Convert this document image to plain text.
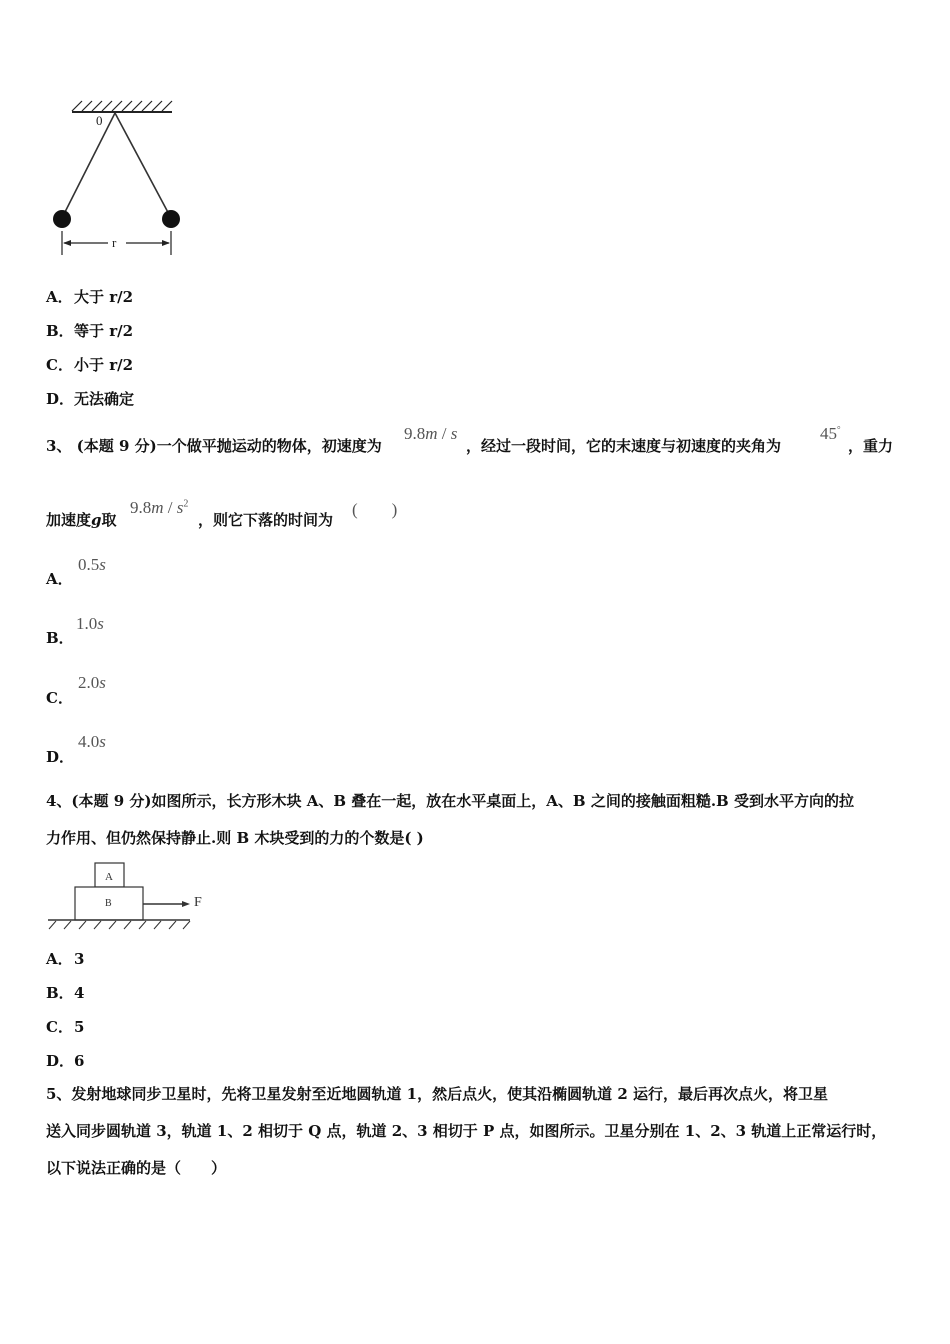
0
r
A．大于 r/2
B．等于 r/2
C．小于 r/2
D．无法确定
3、 (本题 9 分)一个做平抛运动的物体，初速度为
9.8m / s
，经过一段时间，它的末速度与初速度的夹角为
45°
，重力
加速度g取
$9.8m / s^2$
，则它下落的时间为
(　　)
A．
0.5s
B．
1.0s
C．
2.0s
D．
4.0s
4、(本题 9 分)如图所示，长方形木块 A、B 叠在一起，放在水平桌面上，A、B 之间的接触面粗糙.B 受到水平方向的拉
力作用、但仍然保持静止.则 B 木块受到的力的个数是( )
A
B	F
A．3
B．4
C．5
D．6
5、发射地球同步卫星时，先将卫星发射至近地圆轨道 1，然后点火，使其沿椭圆轨道 2 运行，最后再次点火，将卫星
送入同步圆轨道 3，轨道 1、2 相切于 Q 点，轨道 2、3 相切于 P 点，如图所示。卫星分别在 1、2、3 轨道上正常运行时，
以下说法正确的是（　　）
